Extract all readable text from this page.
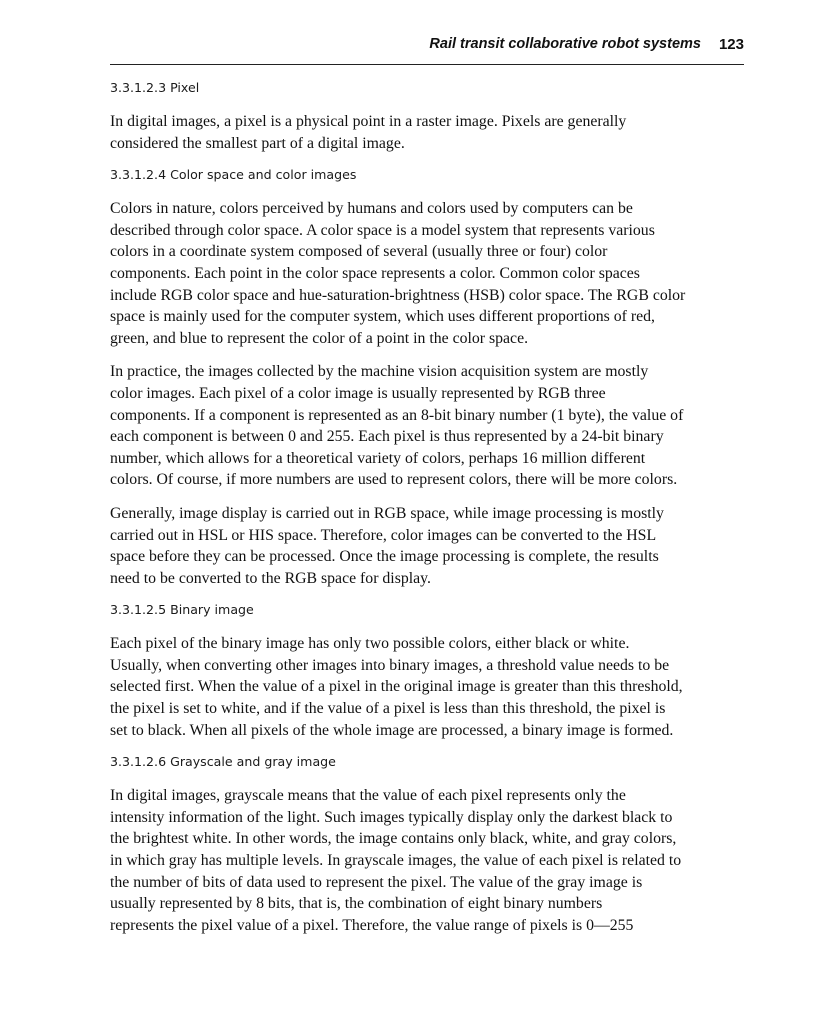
Rail transit collaborative robot systems 123
3.3.1.2.3 Pixel

In digital images, a pixel is a physical point in a raster image. Pixels are generally
considered the smallest part of a digital image.

3.3.1.2.4 Color space and color images

Colors in nature, colors perceived by humans and colors used by computers can be
described through color space. A color space is a model system that represents various
colors in a coordinate system composed of several (usually three or four) color
components. Each point in the color space represents a color. Common color spaces
include RGB color space and hue-saturation-brightness (HSB) color space. The RGB color
space is mainly used for the computer system, which uses different proportions of red,
green, and blue to represent the color of a point in the color space.

In practice, the images collected by the machine vision acquisition system are mostly
color images. Each pixel of a color image is usually represented by RGB three
components. If a component is represented as an 8-bit binary number (1 byte), the value of
each component is between 0 and 255. Each pixel is thus represented by a 24-bit binary
number, which allows for a theoretical variety of colors, perhaps 16 million different
colors. Of course, if more numbers are used to represent colors, there will be more colors.

Generally, image display is carried out in RGB space, while image processing is mostly
carried out in HSL or HIS space. Therefore, color images can be converted to the HSL
space before they can be processed. Once the image processing is complete, the results
need to be converted to the RGB space for display.

3.3.1.2.5 Binary image

Each pixel of the binary image has only two possible colors, either black or white.
Usually, when converting other images into binary images, a threshold value needs to be
selected first. When the value of a pixel in the original image is greater than this threshold,
the pixel is set to white, and if the value of a pixel is less than this threshold, the pixel is
set to black. When all pixels of the whole image are processed, a binary image is formed.

3.3.1.2.6 Grayscale and gray image

In digital images, grayscale means that the value of each pixel represents only the
intensity information of the light. Such images typically display only the darkest black to
the brightest white. In other words, the image contains only black, white, and gray colors,
in which gray has multiple levels. In grayscale images, the value of each pixel is related to
the number of bits of data used to represent the pixel. The value of the gray image is
usually represented by 8 bits, that is, the combination of eight binary numbers
represents the pixel value of a pixel. Therefore, the value range of pixels is 0—255
